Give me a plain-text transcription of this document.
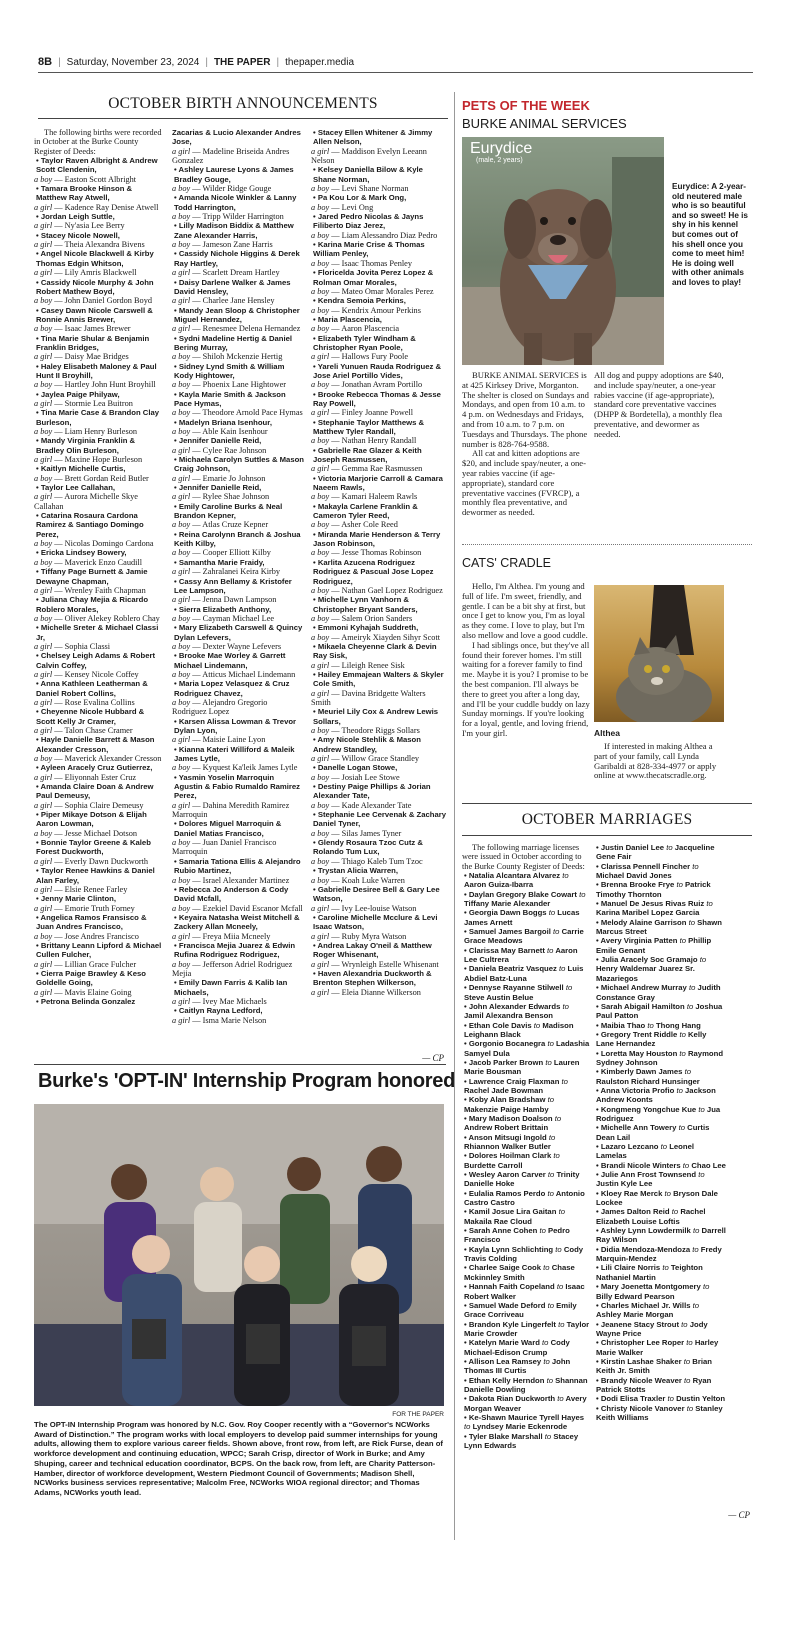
8B | Saturday, November 23, 2024 | THE PAPER | thepaper.media
OCTOBER BIRTH ANNOUNCEMENTS

The following births were recorded in October at the Burke County Register of Deeds:

• Taylor Raven Albright & Andrew Scott Clendenin,
a boy — Easton Scott Albright
• Tamara Brooke Hinson & Matthew Ray Atwell,
a girl — Kadence Ray Denise Atwell
• Jordan Leigh Suttle,
a girl — Ny'asia Lee Berry
• Stacey Nicole Nowell,
a girl — Theia Alexandra Bivens
• Angel Nicole Blackwell & Kirby Thomas Edgin Whitson,
a girl — Lily Amris Blackwell
• Cassidy Nicole Murphy & John Robert Mathew Boyd,
a boy — John Daniel Gordon Boyd
• Casey Dawn Nicole Carswell & Ronnie Annis Brewer,
a boy — Isaac James Brewer
• Tina Marie Shular & Benjamin Franklin Bridges,
a girl — Daisy Mae Bridges
• Haley Elisabeth Maloney & Paul Hunt II Broyhill,
a boy — Hartley John Hunt Broyhill
• Jaylea Paige Philyaw,
a girl — Stormie Lea Buitron
• Tina Marie Case & Brandon Clay Burleson,
a boy — Liam Henry Burleson
• Mandy Virginia Franklin & Bradley Olin Burleson,
a girl — Maxine Hope Burleson
• Kaitlyn Michelle Curtis,
a boy — Brett Gordan Reid Butler
• Taylor Lee Callahan,
a girl — Aurora Michelle Skye Callahan
• Catarina Rosaura Cardona Ramirez & Santiago Domingo Perez,
a boy — Nicolas Domingo Cardona
• Ericka Lindsey Bowery,
a boy — Maverick Enzo Caudill
• Tiffany Page Burnett & Jamie Dewayne Chapman,
a girl — Wrenley Faith Chapman
• Juliana Chay Mejia & Ricardo Roblero Morales,
a boy — Oliver Alekey Roblero Chay
• Michelle Sreter & Michael Classi Jr,
a girl — Sophia Classi
• Chelsey Leigh Adams & Robert Calvin Coffey,
a girl — Kensey Nicole Coffey
• Anna Kathleen Leatherman & Daniel Robert Collins,
a girl — Rose Evalina Collins
• Cheyenne Nicole Hubbard & Scott Kelly Jr Cramer,
a girl — Talon Chase Cramer
• Hayle Danielle Barrett & Mason Alexander Cresson,
a boy — Maverick Alexander Cresson
• Ayleen Aracely Cruz Gutierrez,
a girl — Eliyonnah Ester Cruz
• Amanda Claire Doan & Andrew Paul Demeusy,
a girl — Sophia Claire Demeusy
• Piper Mikaye Dotson & Elijah Aaron Lowman,
a boy — Jesse Michael Dotson
• Bonnie Taylor Greene & Kaleb Forest Duckworth,
a girl — Everly Dawn Duckworth
• Taylor Renee Hawkins & Daniel Alan Farley,
a girl — Elsie Renee Farley
• Jenny Marie Clinton,
a girl — Emorie Truth Forney
• Angelica Ramos Fransisco & Juan Andres Francisco,
a boy — Jose Andres Francisco
• Brittany Leann Lipford & Michael Cullen Fulcher,
a girl — Lillian Grace Fulcher
• Cierra Paige Brawley & Keso Goldelle Going,
a girl — Mavis Elaine Going
• Petrona Belinda Gonzalez
Zacarias & Lucio Alexander Andres Jose,
a girl — Madeline Briseida Andres Gonzalez
• Ashley Laurese Lyons & James Bradley Gouge,
a boy — Wilder Ridge Gouge
• Amanda Nicole Winkler & Lanny Todd Harrington,
a boy — Tripp Wilder Harrington
• Lilly Madison Biddix & Matthew Zane Alexander Harris,
a boy — Jameson Zane Harris
• Cassidy Nichole Higgins & Derek Ray Hartley,
a girl — Scarlett Dream Hartley
• Daisy Darlene Walker & James David Hensley,
a girl — Charlee Jane Hensley
• Mandy Jean Sloop & Christopher Miguel Hernandez,
a girl — Renesmee Delena Hernandez
• Sydni Madeline Hertig & Daniel Bering Murray,
a boy — Shiloh Mckenzie Hertig
• Sidney Lynd Smith & William Kody Hightower,
a boy — Phoenix Lane Hightower
• Kayla Marie Smith & Jackson Pace Hymas,
a boy — Theodore Arnold Pace Hymas
• Madelyn Briana Isenhour,
a boy — Able Kain Isenhour
• Jennifer Danielle Reid,
a girl — Cylee Rae Johnson
• Michaela Carolyn Suttles & Mason Craig Johnson,
a girl — Emarie Jo Johnson
• Jennifer Danielle Reid,
a girl — Rylee Shae Johnson
• Emily Caroline Burks & Neal Brandon Kepner,
a boy — Atlas Cruze Kepner
• Reina Carolynn Branch & Joshua Keith Kilby,
a boy — Cooper Elliott Kilby
• Samantha Marie Fraidy,
a girl — Zahralanei Keira Kirby
• Cassy Ann Bellamy & Kristofer Lee Lampson,
a girl — Jenna Dawn Lampson
• Sierra Elizabeth Anthony,
a boy — Cayman Michael Lee
• Mary Elizabeth Carswell & Quincy Dylan Lefevers,
a boy — Dexter Wayne Lefevers
• Brooke Mae Worley & Garrett Michael Lindemann,
a boy — Atticus Michael Lindemann
• Maria Lopez Velasquez & Cruz Rodriguez Chavez,
a boy — Alejandro Gregorio Rodriguez Lopez
• Karsen Alissa Lowman & Trevor Dylan Lyon,
a girl — Maisie Laine Lyon
• Kianna Kateri Williford & Maleik James Lytle,
a boy — Kyquest Ka'leik James Lytle
• Yasmin Yoselin Marroquin Agustin & Fabio Rumaldo Ramirez Perez,
a girl — Dahina Meredith Ramirez Marroquin
• Dolores Miguel Marroquin & Daniel Matias Francisco,
a boy — Juan Daniel Francisco Marroquin
• Samaria Tationa Ellis & Alejandro Rubio Martinez,
a boy — Israel Alexander Martinez
• Rebecca Jo Anderson & Cody David Mcfall,
a boy — Ezekiel David Escanor Mcfall
• Keyaira Natasha Weist Mitchell & Zackery Allan Mcneely,
a girl — Freya Miia Mcneely
• Francisca Mejia Juarez & Edwin Rufina Rodriguez Rodriguez,
a boy — Jefferson Adriel Rodriguez Mejia
• Emily Dawn Farris & Kalib Ian Michaels,
a girl — Ivey Mae Michaels
• Caitlyn Rayna Ledford,
a girl — Isma Marie Nelson
• Stacey Ellen Whitener & Jimmy Allen Nelson,
a girl — Maddison Evelyn Leeann Nelson
• Kelsey Daniella Bilow & Kyle Shane Norman,
a boy — Levi Shane Norman
• Pa Kou Lor & Mark Ong,
a boy — Levi Ong
• Jared Pedro Nicolas & Jayns Filiberto Diaz Jerez,
a boy — Liam Alessandro Diaz Pedro
• Karina Marie Crise & Thomas William Penley,
a boy — Isaac Thomas Penley
• Floricelda Jovita Perez Lopez & Rolman Omar Morales,
a boy — Mateo Omar Morales Perez
• Kendra Semoia Perkins,
a boy — Kendrix Amour Perkins
• Maria Plascencia,
a boy — Aaron Plascencia
• Elizabeth Tyler Windham & Christopher Ryan Poole,
a girl — Hallows Fury Poole
• Yareli Yunuen Rauda Rodriguez & Jose Ariel Portillo Vides,
a boy — Jonathan Avram Portillo
• Brooke Rebecca Thomas & Jesse Ray Powell,
a girl — Finley Joanne Powell
• Stephanie Taylor Matthews & Matthew Tyler Randall,
a boy — Nathan Henry Randall
• Gabrielle Rae Glazer & Keith Joseph Rasmussen,
a girl — Gemma Rae Rasmussen
• Victoria Marjorie Carroll & Camara Naeem Rawls,
a boy — Kamari Haleem Rawls
• Makayla Carlene Franklin & Cameron Tyler Reed,
a boy — Asher Cole Reed
• Miranda Marie Henderson & Terry Jason Robinson,
a boy — Jesse Thomas Robinson
• Karlita Azucena Rodriguez Rodriguez & Pascual Jose Lopez Rodriguez,
a boy — Nathan Gael Lopez Rodriguez
• Michelle Lynn Vanhorn & Christopher Bryant Sanders,
a boy — Salem Orion Sanders
• Emmoni Kyhajah Suddreth,
a boy — Ameiryk Xiayden Sihyr Scott
• Mikaela Cheyenne Clark & Devin Ray Sisk,
a girl — Lileigh Renee Sisk
• Hailey Emmajean Walters & Skyler Cole Smith,
a girl — Davina Bridgette Walters Smith
• Meuriel Lily Cox & Andrew Lewis Sollars,
a boy — Theodore Riggs Sollars
• Amy Nicole Stehlik & Mason Andrew Standley,
a girl — Willow Grace Standley
• Danelle Logan Stowe,
a boy — Josiah Lee Stowe
• Destiny Paige Phillips & Jorian Alexander Tate,
a boy — Kade Alexander Tate
• Stephanie Lee Cervenak & Zachary Daniel Tyner,
a boy — Silas James Tyner
• Glendy Rosaura Tzoc Cutz & Rolando Tum Lux,
a boy — Thiago Kaleb Tum Tzoc
• Trystan Alicia Warren,
a boy — Koah Luke Warren
• Gabrielle Desiree Bell & Gary Lee Watson,
a girl — Ivy Lee-louise Watson
• Caroline Michelle Mcclure & Levi Isaac Watson,
a girl — Ruby Myra Watson
• Andrea Lakay O'neil & Matthew Roger Whisenant,
a girl — Wrynleigh Estelle Whisenant
• Haven Alexandria Duckworth & Brenton Stephen Wilkerson,
a girl — Eleia Dianne Wilkerson
— CP
PETS OF THE WEEK
BURKE ANIMAL SERVICES
Eurydice
(male, 2 years)
Eurydice: A 2-year-old neutered male who is so beautiful and so sweet! He is shy in his kennel but comes out of his shell once you come to meet him! He is doing well with other animals and loves to play!

BURKE ANIMAL SERVICES is at 425 Kirksey Drive, Morganton. The shelter is closed on Sundays and Mondays, and open from 10 a.m. to 4 p.m. on Wednesdays and Fridays, and from 10 a.m. to 7 p.m. on Tuesdays and Thursdays. The phone number is 828-764-9588.

All cat and kitten adoptions are $20, and include spay/neuter, a one-year rabies vaccine (if age-appropriate), standard core preventative vaccines (FVRCP), a monthly flea preventative, and dewormer as needed.

All dog and puppy adoptions are $40, and include spay/neuter, a one-year rabies vaccine (if age-appropriate), standard core preventative vaccines (DHPP & Bordetella), a monthly flea preventative, and dewormer as needed.

CATS' CRADLE

Hello, I'm Althea. I'm young and full of life. I'm sweet, friendly, and gentle. I can be a bit shy at first, but once I get to know you, I'm as loyal as they come. I love to play, but I'm also mellow and love a good cuddle.

I had siblings once, but they've all found their forever homes. I'm still waiting for a forever family to find me. Maybe it is you? I promise to be the best companion. I'll always be there to greet you after a long day, and I'll be your cuddle buddy on lazy Sunday mornings. If you're looking for a loyal, gentle, and loving friend, I'm your girl.	Althea

If interested in making Althea a part of your family, call Lynda Garibaldi at 828-334-4977 or apply online at www.thecatscradle.org.

OCTOBER MARRIAGES

The following marriage licenses were issued in October according to the Burke County Register of Deeds:

• Natalia Alcantara Alvarez to Aaron Guiza-Ibarra
• Daylan Gregory Blake Cowart to Tiffany Marie Alexander
• Georgia Dawn Boggs to Lucas James Arnett
• Samuel James Bargoil to Carrie Grace Meadows
• Clarissa May Barnett to Aaron Lee Cultrera
• Daniela Beatriz Vasquez to Luis Abdiel Batz-Luna
• Dennyse Rayanne Stilwell to Steve Austin Belue
• John Alexander Edwards to Jamil Alexandra Benson
• Ethan Cole Davis to Madison Leighann Black
• Gorgonio Bocanegra to Ladashia Samyel Dula
• Jacob Parker Brown to Lauren Marie Bousman
• Lawrence Craig Flaxman to Rachel Jade Bowman
• Koby Alan Bradshaw to Makenzie Paige Hamby
• Mary Madison Doalson to Andrew Robert Brittain
• Anson Mitsugi Ingold to Rhiannon Walker Butler
• Dolores Hoilman Clark to Burdette Carroll
• Wesley Aaron Carver to Trinity Danielle Hoke
• Eulalia Ramos Perdo to Antonio Castro Castro
• Kamil Josue Lira Gaitan to Makaila Rae Cloud
• Sarah Anne Cohen to Pedro Francisco
• Kayla Lynn Schlichting to Cody Travis Colding
• Charlee Saige Cook to Chase Mckinnley Smith
• Hannah Faith Copeland to Isaac Robert Walker
• Samuel Wade Deford to Emily Grace Corriveau
• Brandon Kyle Lingerfelt to Taylor Marie Crowder
• Katelyn Marie Ward to Cody Michael-Edison Crump
• Allison Lea Ramsey to John Thomas III Curtis
• Ethan Kelly Herndon to Shannan Danielle Dowling
• Dakota Rian Duckworth to Avery Morgan Weaver
• Ke-Shawn Maurice Tyrell Hayes to Lyndsey Marie Eckenrode
• Tyler Blake Marshall to Stacey Lynn Edwards
• Justin Daniel Lee to Jacqueline Gene Fair
• Clarissa Pennell Fincher to Michael David Jones
• Brenna Brooke Frye to Patrick Timothy Thornton
• Manuel De Jesus Rivas Ruiz to Karina Maribel Lopez Garcia
• Melody Alaine Garrison to Shawn Marcus Street
• Avery Virginia Patten to Phillip Emile Genant
• Julia Aracely Soc Gramajo to Henry Waldemar Juarez Sr. Mazariegos
• Michael Andrew Murray to Judith Constance Gray
• Sarah Abigail Hamilton to Joshua Paul Patton
• Maibia Thao to Thong Hang
• Gregory Trent Riddle to Kelly Lane Hernandez
• Loretta May Houston to Raymond Sydney Johnson
• Kimberly Dawn James to Raulston Richard Hunsinger
• Anna Victoria Profio to Jackson Andrew Koonts
• Kongmeng Yongchue Kue to Jua Rodriguez
• Michelle Ann Towery to Curtis Dean Lail
• Lazaro Lezcano to Leonel Lamelas
• Brandi Nicole Winters to Chao Lee
• Julie Ann Frost Townsend to Justin Kyle Lee
• Kloey Rae Merck to Bryson Dale Lockee
• James Dalton Reid to Rachel Elizabeth Louise Loftis
• Ashley Lynn Lowdermilk to Darrell Ray Wilson
• Didia Mendoza-Mendoza to Fredy Marquin-Mendez
• Lili Claire Norris to Teighton Nathaniel Martin
• Mary Joenetta Montgomery to Billy Edward Pearson
• Charles Michael Jr. Wills to Ashley Marie Morgan
• Jeanene Stacy Strout to Jody Wayne Price
• Christopher Lee Roper to Harley Marie Walker
• Kirstin Lashae Shaker to Brian Keith Jr. Smith
• Brandy Nicole Weaver to Ryan Patrick Stotts
• Dodi Elisa Traxler to Dustin Yelton
• Christy Nicole Vanover to Stanley Keith Williams
— CP
Burke's 'OPT-IN' Internship Program honored
FOR THE PAPER
The OPT-IN Internship Program was honored by N.C. Gov. Roy Cooper recently with a “Governor's NCWorks Award of Distinction.” The program works with local employers to develop paid summer internships for young adults, allowing them to explore various career fields. Shown above, front row, from left, are Rick Furse, dean of workforce development and continuing education, WPCC; Sarah Crisp, director of Work in Burke; and Amy Shuping, career and technical education coordinator, BCPS. On the back row, from left, are Charity Patterson-Hamber, director of workforce development, Western Piedmont Council of Governments; Madison Shell, NCWorks business services representative; Malcolm Free, NCWorks WIOA regional director; and Thomas Adams, NCWorks youth lead.
